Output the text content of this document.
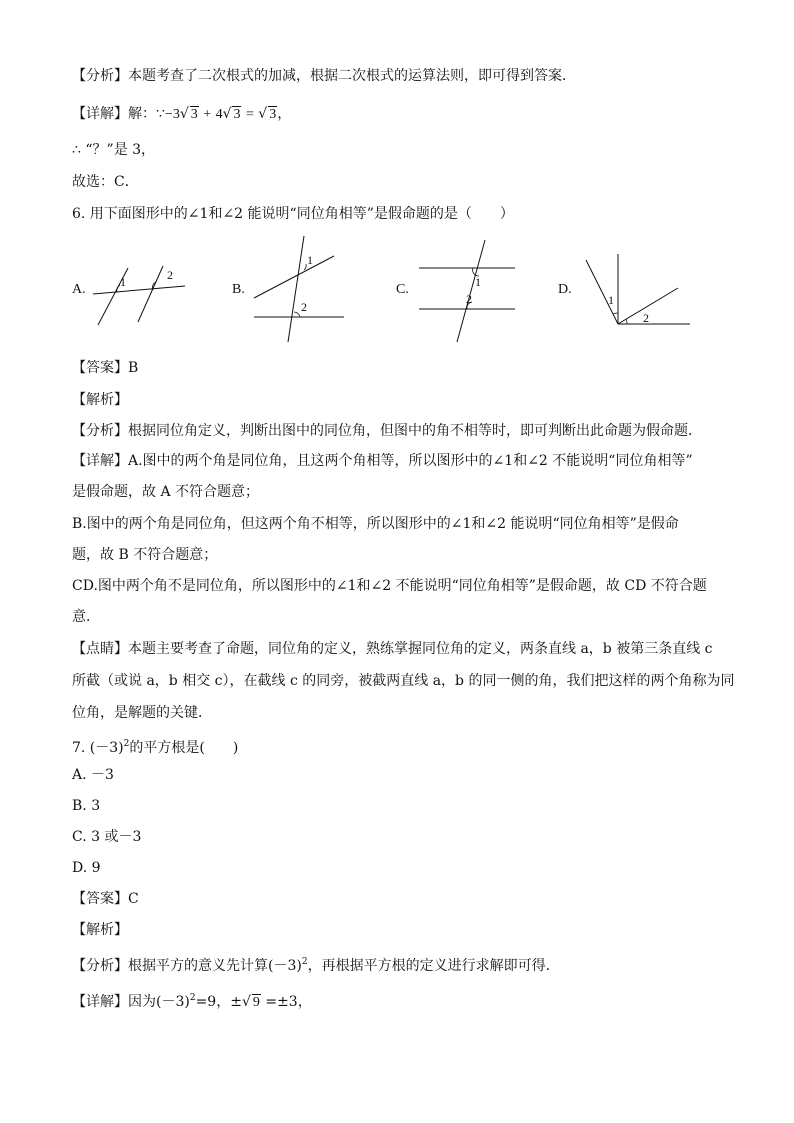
【分析】本题考查了二次根式的加减，根据二次根式的运算法则，即可得到答案．
【详解】解：∵−3√ 3 + 4√ 3 = √ 3，
∴ “？”是 3，
故选：C．
6. 用下面图形中的∠1和∠2 能说明“同位角相等”是假命题的是（　　）
A.	1	2
B.
1
2
C.	1
2
D.
1
2
【答案】B
【解析】
【分析】根据同位角定义，判断出图中的同位角，但图中的角不相等时，即可判断出此命题为假命题．
【详解】A.图中的两个角是同位角，且这两个角相等，所以图形中的∠1和∠2 不能说明“同位角相等”
是假命题，故 A 不符合题意；
B.图中的两个角是同位角，但这两个角不相等，所以图形中的∠1和∠2 能说明“同位角相等”是假命
题，故 B 不符合题意；
CD.图中两个角不是同位角，所以图形中的∠1和∠2 不能说明“同位角相等”是假命题，故 CD 不符合题
意．
【点睛】本题主要考查了命题，同位角的定义，熟练掌握同位角的定义，两条直线 a，b 被第三条直线 c
所截（或说 a，b 相交 c），在截线 c 的同旁，被截两直线 a，b 的同一侧的角，我们把这样的两个角称为同
位角，是解题的关键．
7. $(-3)^2$的平方根是(　　)
A. －3
B. 3
C. 3 或－3
D. 9
【答案】C
【解析】
【分析】根据平方的意义先计算$(-3)^2$，再根据平方根的定义进行求解即可得.
【详解】因为$(-3)^2=9$，±√ 9 =±3，
